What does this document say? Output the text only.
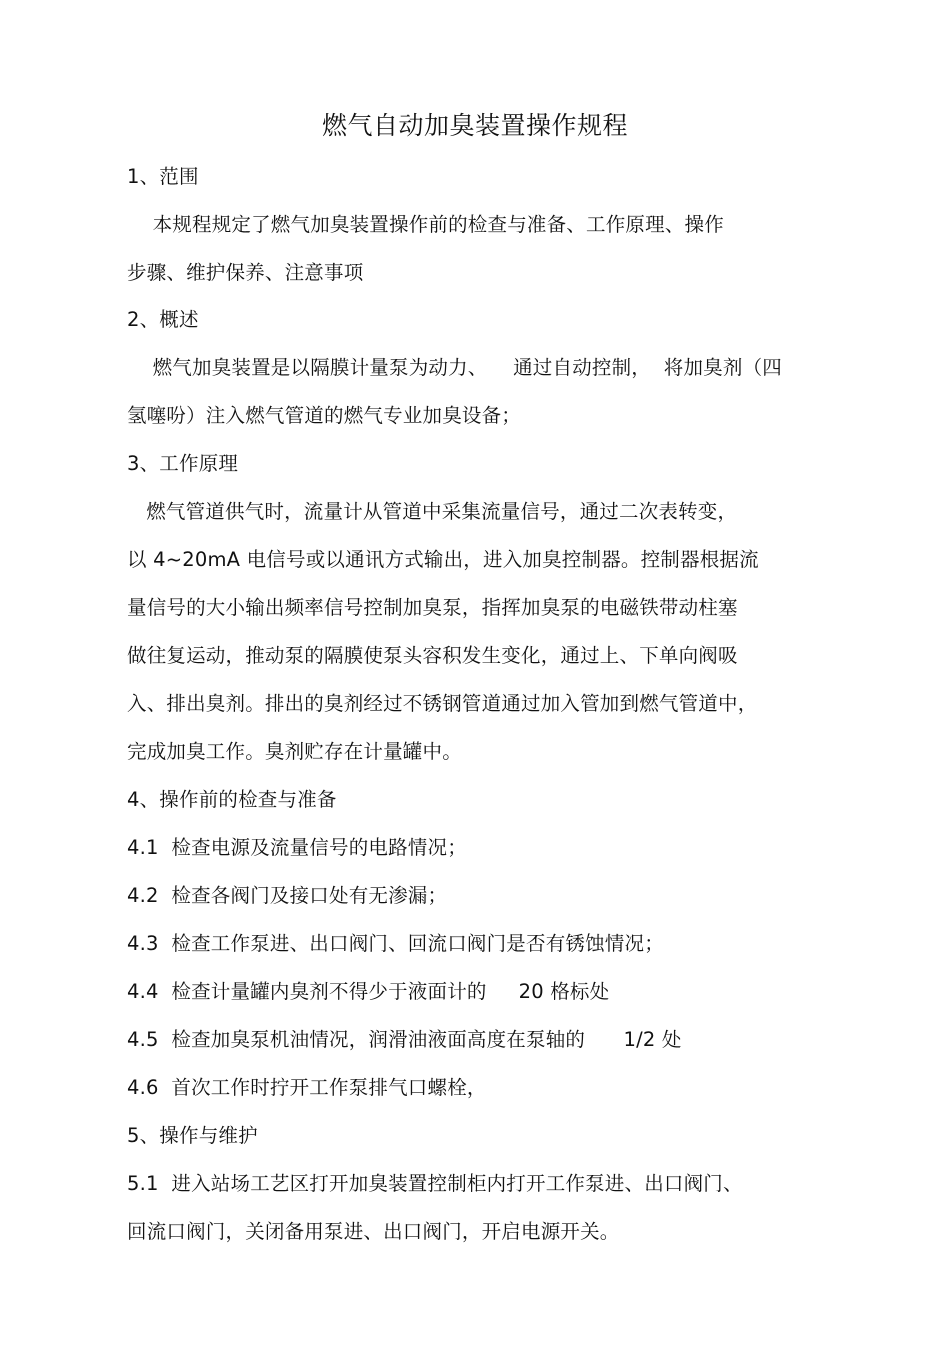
燃气自动加臭装置操作规程
1、范围
本规程规定了燃气加臭装置操作前的检查与准备、工作原理、操作
步骤、维护保养、注意事项
2、概述
燃气加臭装置是以隔膜计量泵为动力、    通过自动控制，  将加臭剂（四
氢噻吩）注入燃气管道的燃气专业加臭设备；
3、工作原理
燃气管道供气时，流量计从管道中采集流量信号，通过二次表转变，
以 4~20mA 电信号或以通讯方式输出，进入加臭控制器。控制器根据流
量信号的大小输出频率信号控制加臭泵，指挥加臭泵的电磁铁带动柱塞
做往复运动，推动泵的隔膜使泵头容积发生变化，通过上、下单向阀吸
入、排出臭剂。排出的臭剂经过不锈钢管道通过加入管加到燃气管道中，
完成加臭工作。臭剂贮存在计量罐中。
4、操作前的检查与准备
4.1  检查电源及流量信号的电路情况；
4.2  检查各阀门及接口处有无渗漏；
4.3  检查工作泵进、出口阀门、回流口阀门是否有锈蚀情况；
4.4  检查计量罐内臭剂不得少于液面计的     20 格标处
4.5  检查加臭泵机油情况，润滑油液面高度在泵轴的      1/2 处
4.6  首次工作时拧开工作泵排气口螺栓，
5、操作与维护
5.1  进入站场工艺区打开加臭装置控制柜内打开工作泵进、出口阀门、
回流口阀门，关闭备用泵进、出口阀门，开启电源开关。
